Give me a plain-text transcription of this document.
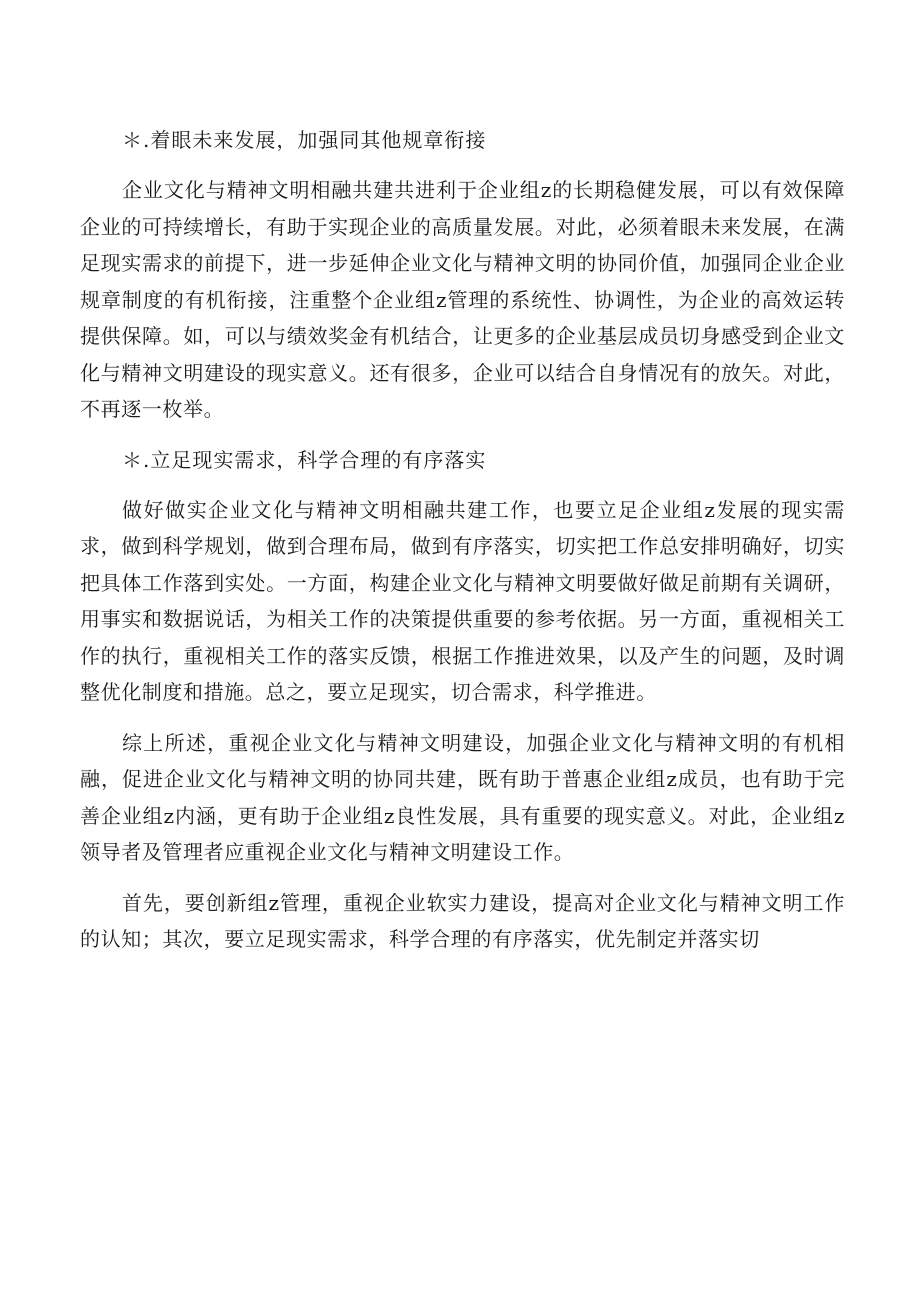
＊.着眼未来发展，加强同其他规章衔接

企业文化与精神文明相融共建共进利于企业组z的长期稳健发展，可以有效保障企业的可持续增长，有助于实现企业的高质量发展。对此，必须着眼未来发展，在满足现实需求的前提下，进一步延伸企业文化与精神文明的协同价值，加强同企业企业规章制度的有机衔接，注重整个企业组z管理的系统性、协调性，为企业的高效运转提供保障。如，可以与绩效奖金有机结合，让更多的企业基层成员切身感受到企业文化与精神文明建设的现实意义。还有很多，企业可以结合自身情况有的放矢。对此，不再逐一枚举。

＊.立足现实需求，科学合理的有序落实

做好做实企业文化与精神文明相融共建工作，也要立足企业组z发展的现实需求，做到科学规划，做到合理布局，做到有序落实，切实把工作总安排明确好，切实把具体工作落到实处。一方面，构建企业文化与精神文明要做好做足前期有关调研，用事实和数据说话，为相关工作的决策提供重要的参考依据。另一方面，重视相关工作的执行，重视相关工作的落实反馈，根据工作推进效果，以及产生的问题，及时调整优化制度和措施。总之，要立足现实，切合需求，科学推进。

综上所述，重视企业文化与精神文明建设，加强企业文化与精神文明的有机相融，促进企业文化与精神文明的协同共建，既有助于普惠企业组z成员，也有助于完善企业组z内涵，更有助于企业组z良性发展，具有重要的现实意义。对此，企业组z领导者及管理者应重视企业文化与精神文明建设工作。

首先，要创新组z管理，重视企业软实力建设，提高对企业文化与精神文明工作的认知；其次，要立足现实需求，科学合理的有序落实，优先制定并落实切
